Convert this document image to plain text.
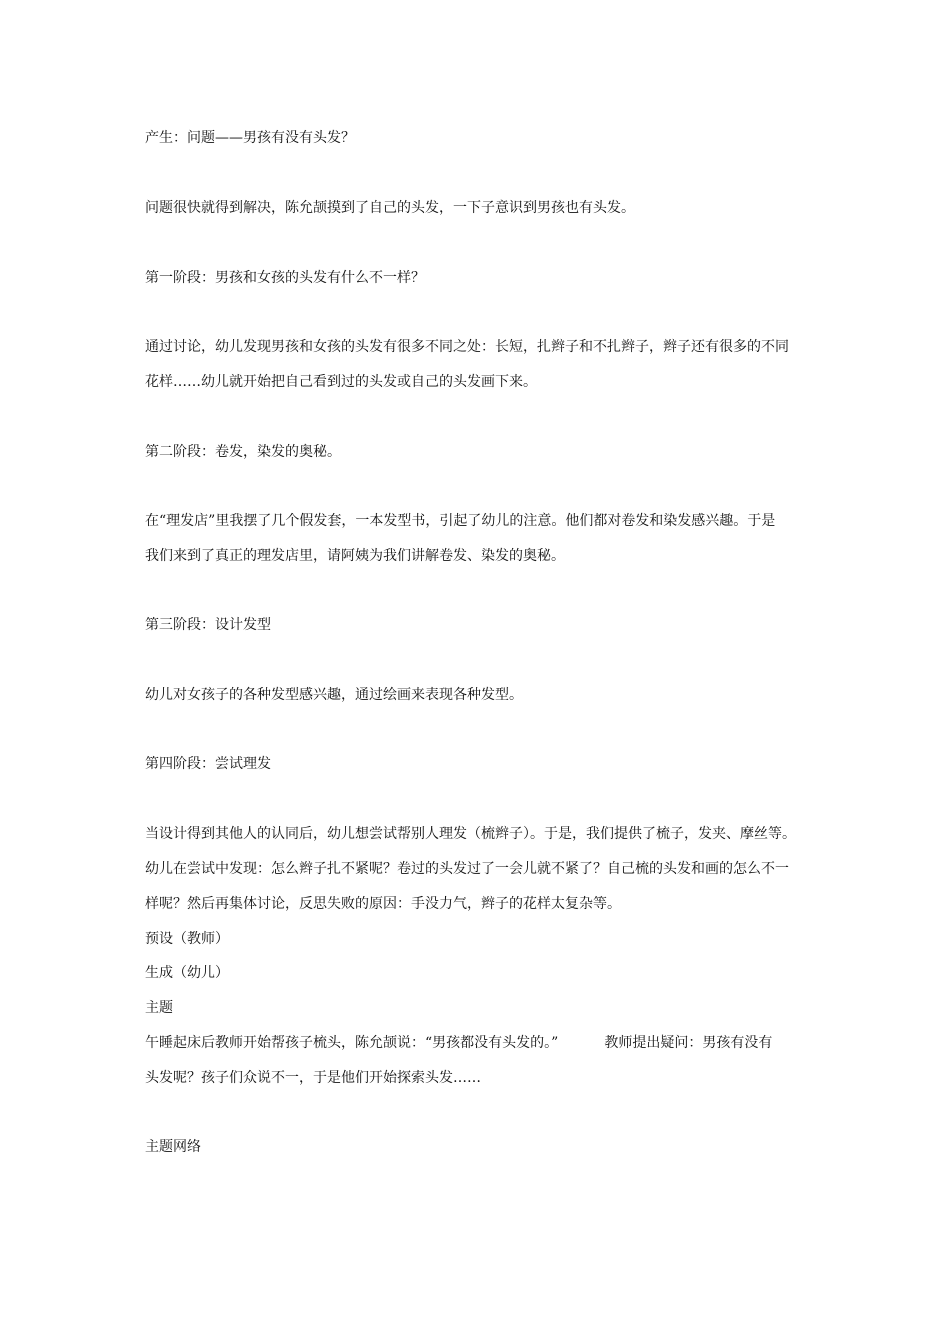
产生：问题——男孩有没有头发？

问题很快就得到解决，陈允颉摸到了自己的头发，一下子意识到男孩也有头发。

第一阶段：男孩和女孩的头发有什么不一样？

通过讨论，幼儿发现男孩和女孩的头发有很多不同之处：长短，扎辫子和不扎辫子，辫子还有很多的不同

花样……幼儿就开始把自己看到过的头发或自己的头发画下来。

第二阶段：卷发，染发的奥秘。

在“理发店”里我摆了几个假发套，一本发型书，引起了幼儿的注意。他们都对卷发和染发感兴趣。于是

我们来到了真正的理发店里，请阿姨为我们讲解卷发、染发的奥秘。

第三阶段：设计发型

幼儿对女孩子的各种发型感兴趣，通过绘画来表现各种发型。

第四阶段：尝试理发

当设计得到其他人的认同后，幼儿想尝试帮别人理发（梳辫子）。于是，我们提供了梳子，发夹、摩丝等。

幼儿在尝试中发现：怎么辫子扎不紧呢？卷过的头发过了一会儿就不紧了？自己梳的头发和画的怎么不一

样呢？然后再集体讨论，反思失败的原因：手没力气，辫子的花样太复杂等。

预设（教师）

生成（幼儿）

主题

午睡起床后教师开始帮孩子梳头，陈允颉说：“男孩都没有头发的。”	教师提出疑问：男孩有没有

头发呢？孩子们众说不一，于是他们开始探索头发……

主题网络
